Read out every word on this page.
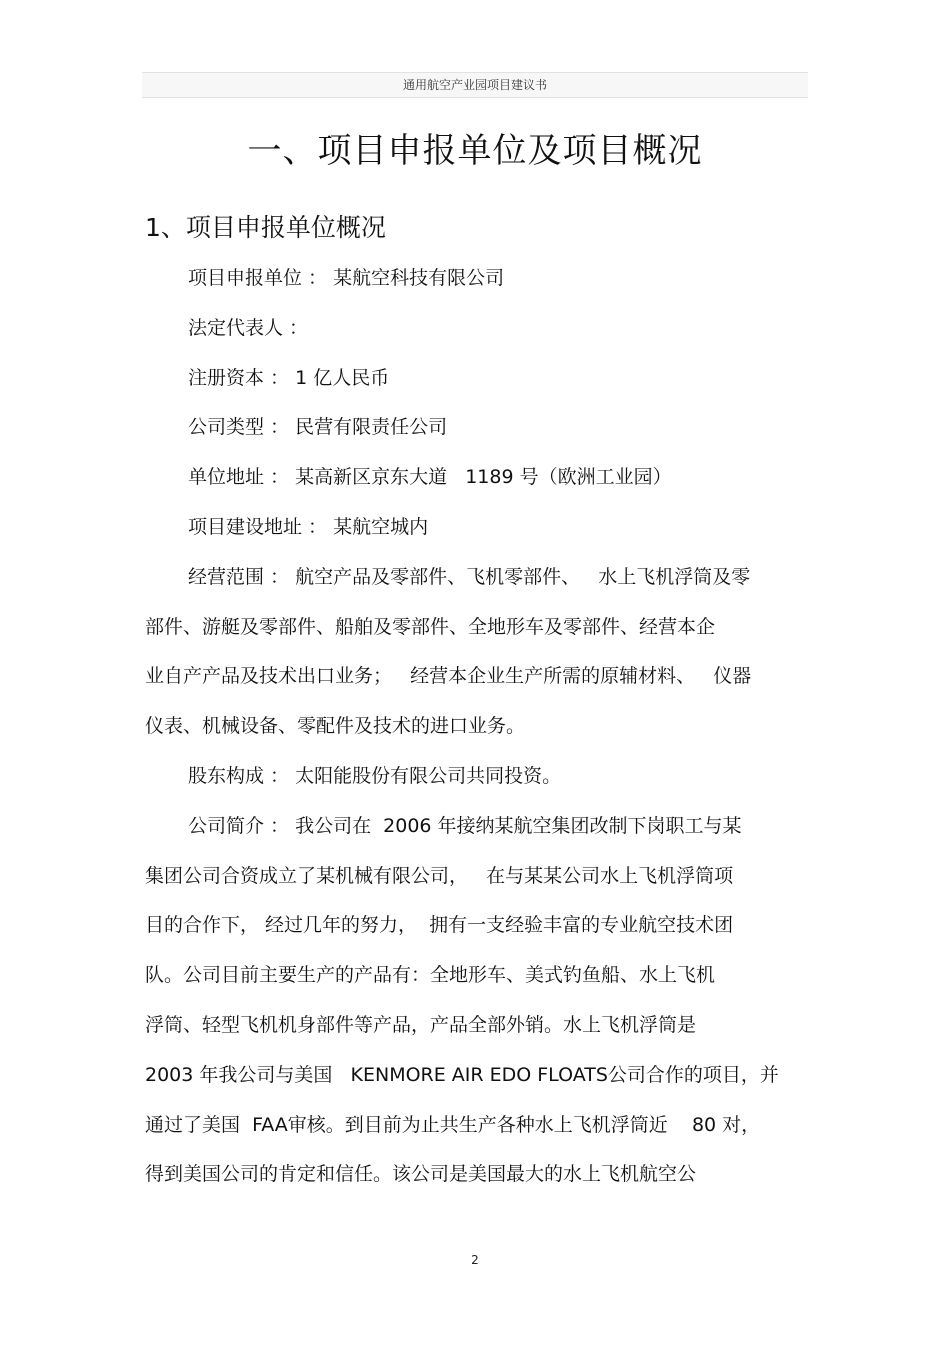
通用航空产业园项目建议书
一、项目申报单位及项目概况
1、项目申报单位概况
项目申报单位 ： 某航空科技有限公司
法定代表人 ：
注册资本 ： 1 亿人民币
公司类型 ： 民营有限责任公司
单位地址 ： 某高新区京东大道   1189 号（欧洲工业园）
项目建设地址 ： 某航空城内
经营范围 ： 航空产品及零部件、飞机零部件、   水上飞机浮筒及零
部件、游艇及零部件、船舶及零部件、全地形车及零部件、经营本企
业自产产品及技术出口业务；   经营本企业生产所需的原辅材料、   仪器
仪表、机械设备、零配件及技术的进口业务。
股东构成 ： 太阳能股份有限公司共同投资。
公司简介 ： 我公司在  2006 年接纳某航空集团改制下岗职工与某
集团公司合资成立了某机械有限公司，   在与某某公司水上飞机浮筒项
目的合作下， 经过几年的努力，  拥有一支经验丰富的专业航空技术团
队。公司目前主要生产的产品有：全地形车、美式钓鱼船、水上飞机
浮筒、轻型飞机机身部件等产品，产品全部外销。水上飞机浮筒是
2003 年我公司与美国   KENMORE AIR EDO FLOATS公司合作的项目，并
通过了美国  FAA审核。到目前为止共生产各种水上飞机浮筒近    80 对，
得到美国公司的肯定和信任。该公司是美国最大的水上飞机航空公
2
